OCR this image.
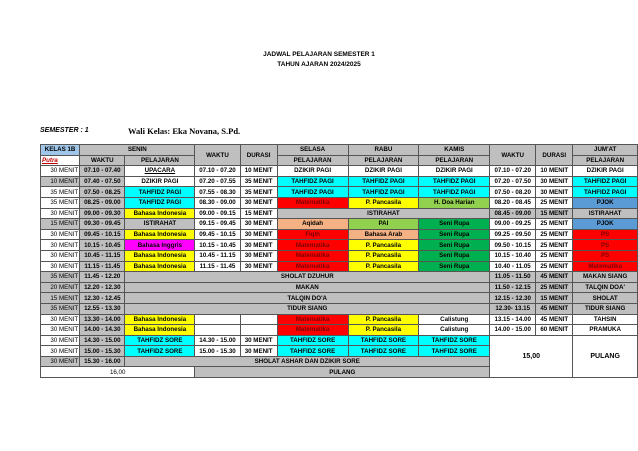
JADWAL PELAJARAN SEMESTER 1
TAHUN AJARAN 2024/2025
SEMESTER : 1	Wali Kelas: Eka Novana, S.Pd.
KELAS 1B	SENIN		WAKTU	DURASI	SELASA	RABU	KAMIS	WAKTU	DURASI	JUM'AT
Putra	WAKTU	PELAJARAN			PELAJARAN	PELAJARAN	PELAJARAN			PELAJARAN
30 MENIT	07.10 - 07.40	UPACARA	07.10 - 07.20	10 MENIT	DZIKIR PAGI	DZIKIR PAGI	DZIKIR PAGI	07.10 - 07.20	10 MENIT	DZIKIR PAGI
10 MENIT	07.40 - 07.50	DZIKIR PAGI	07.20 - 07.55	35 MENIT	TAHFIDZ PAGI	TAHFIDZ PAGI	TAHFIDZ PAGI	07.20 - 07.50	30 MENIT	TAHFIDZ PAGI
35 MENIT	07.50 - 08.25	TAHFIDZ PAGI	07.55 - 08.30	35 MENIT	TAHFIDZ PAGI	TAHFIDZ PAGI	TAHFIDZ PAGI	07.50 - 08.20	30 MENIT	TAHFIDZ PAGI
35 MENIT	08.25 - 09.00	TAHFIDZ PAGI	08.30 - 09.00	30 MENIT	Matematika	P. Pancasila	H. Doa Harian	08.20 - 08.45	25 MENIT	PJOK
30 MENIT	09.00 - 09.30	Bahasa Indonesia	09.00 - 09.15	15 MENIT	ISTIRAHAT			08.45 - 09.00	15 MENIT	ISTIRAHAT
15 MENIT	09.30 - 09.45	ISTIRAHAT	09.15 - 09.45	30 MENIT	Aqidah	PAI	Seni Rupa	09.00 - 09.25	25 MENIT	PJOK
30 MENIT	09.45 - 10.15	Bahasa Indonesia	09.45 - 10.15	30 MENIT	Fiqih	Bahasa Arab	Seni Rupa	09.25 - 09.50	25 MENIT	PS
30 MENIT	10.15 - 10.45	Bahasa Inggris	10.15 - 10.45	30 MENIT	Matematika	P. Pancasila	Seni Rupa	09.50 - 10.15	25 MENIT	PS
30 MENIT	10.45 - 11.15	Bahasa Indonesia	10.45 - 11.15	30 MENIT	Matematika	P. Pancasila	Seni Rupa	10.15 - 10.40	25 MENIT	PS
30 MENIT	11.15 - 11.45	Bahasa Indonesia	11.15 - 11.45	30 MENIT	Matematika	P. Pancasila	Seni Rupa	10.40 - 11.05	25 MENIT	Matematika
35 MENIT	11.45 - 12.20	SHOLAT DZUHUR						11.05 - 11.50	45 MENIT	MAKAN SIANG
20 MENIT	12.20 - 12.30	MAKAN						11.50 - 12.15	25 MENIT	TALQIN DOA'
15 MENIT	12.30 - 12.45	TALQIN DO'A						12.15 - 12.30	15 MENIT	SHOLAT
35 MENIT	12.55 - 13.30	TIDUR SIANG						12.30- 13.15	45 MENIT	TIDUR SIANG
30 MENIT	13.30 - 14.00	Bahasa Indonesia			Matematika	P. Pancasila	Calistung	13.15 - 14.00	45 MENIT	TAHSIN
30 MENIT	14.00 - 14.30	Bahasa Indonesia			Matematika	P. Pancasila	Calistung	14.00 - 15.00	60 MENIT	PRAMUKA
30 MENIT	14.30 - 15.00	TAHFIDZ SORE	14.30 - 15.00	30 MENIT	TAHFIDZ SORE	TAHFIDZ SORE	TAHFIDZ SORE	15,00		PULANG
30 MENIT	15.00 - 15.30	TAHFIDZ SORE	15.00 - 15.30	30 MENIT	TAHFIDZ SORE	TAHFIDZ SORE	TAHFIDZ SORE			
30 MENIT	15.30 - 16.00	SHOLAT ASHAR DAN DZIKIR SORE								
16,00			PULANG							
